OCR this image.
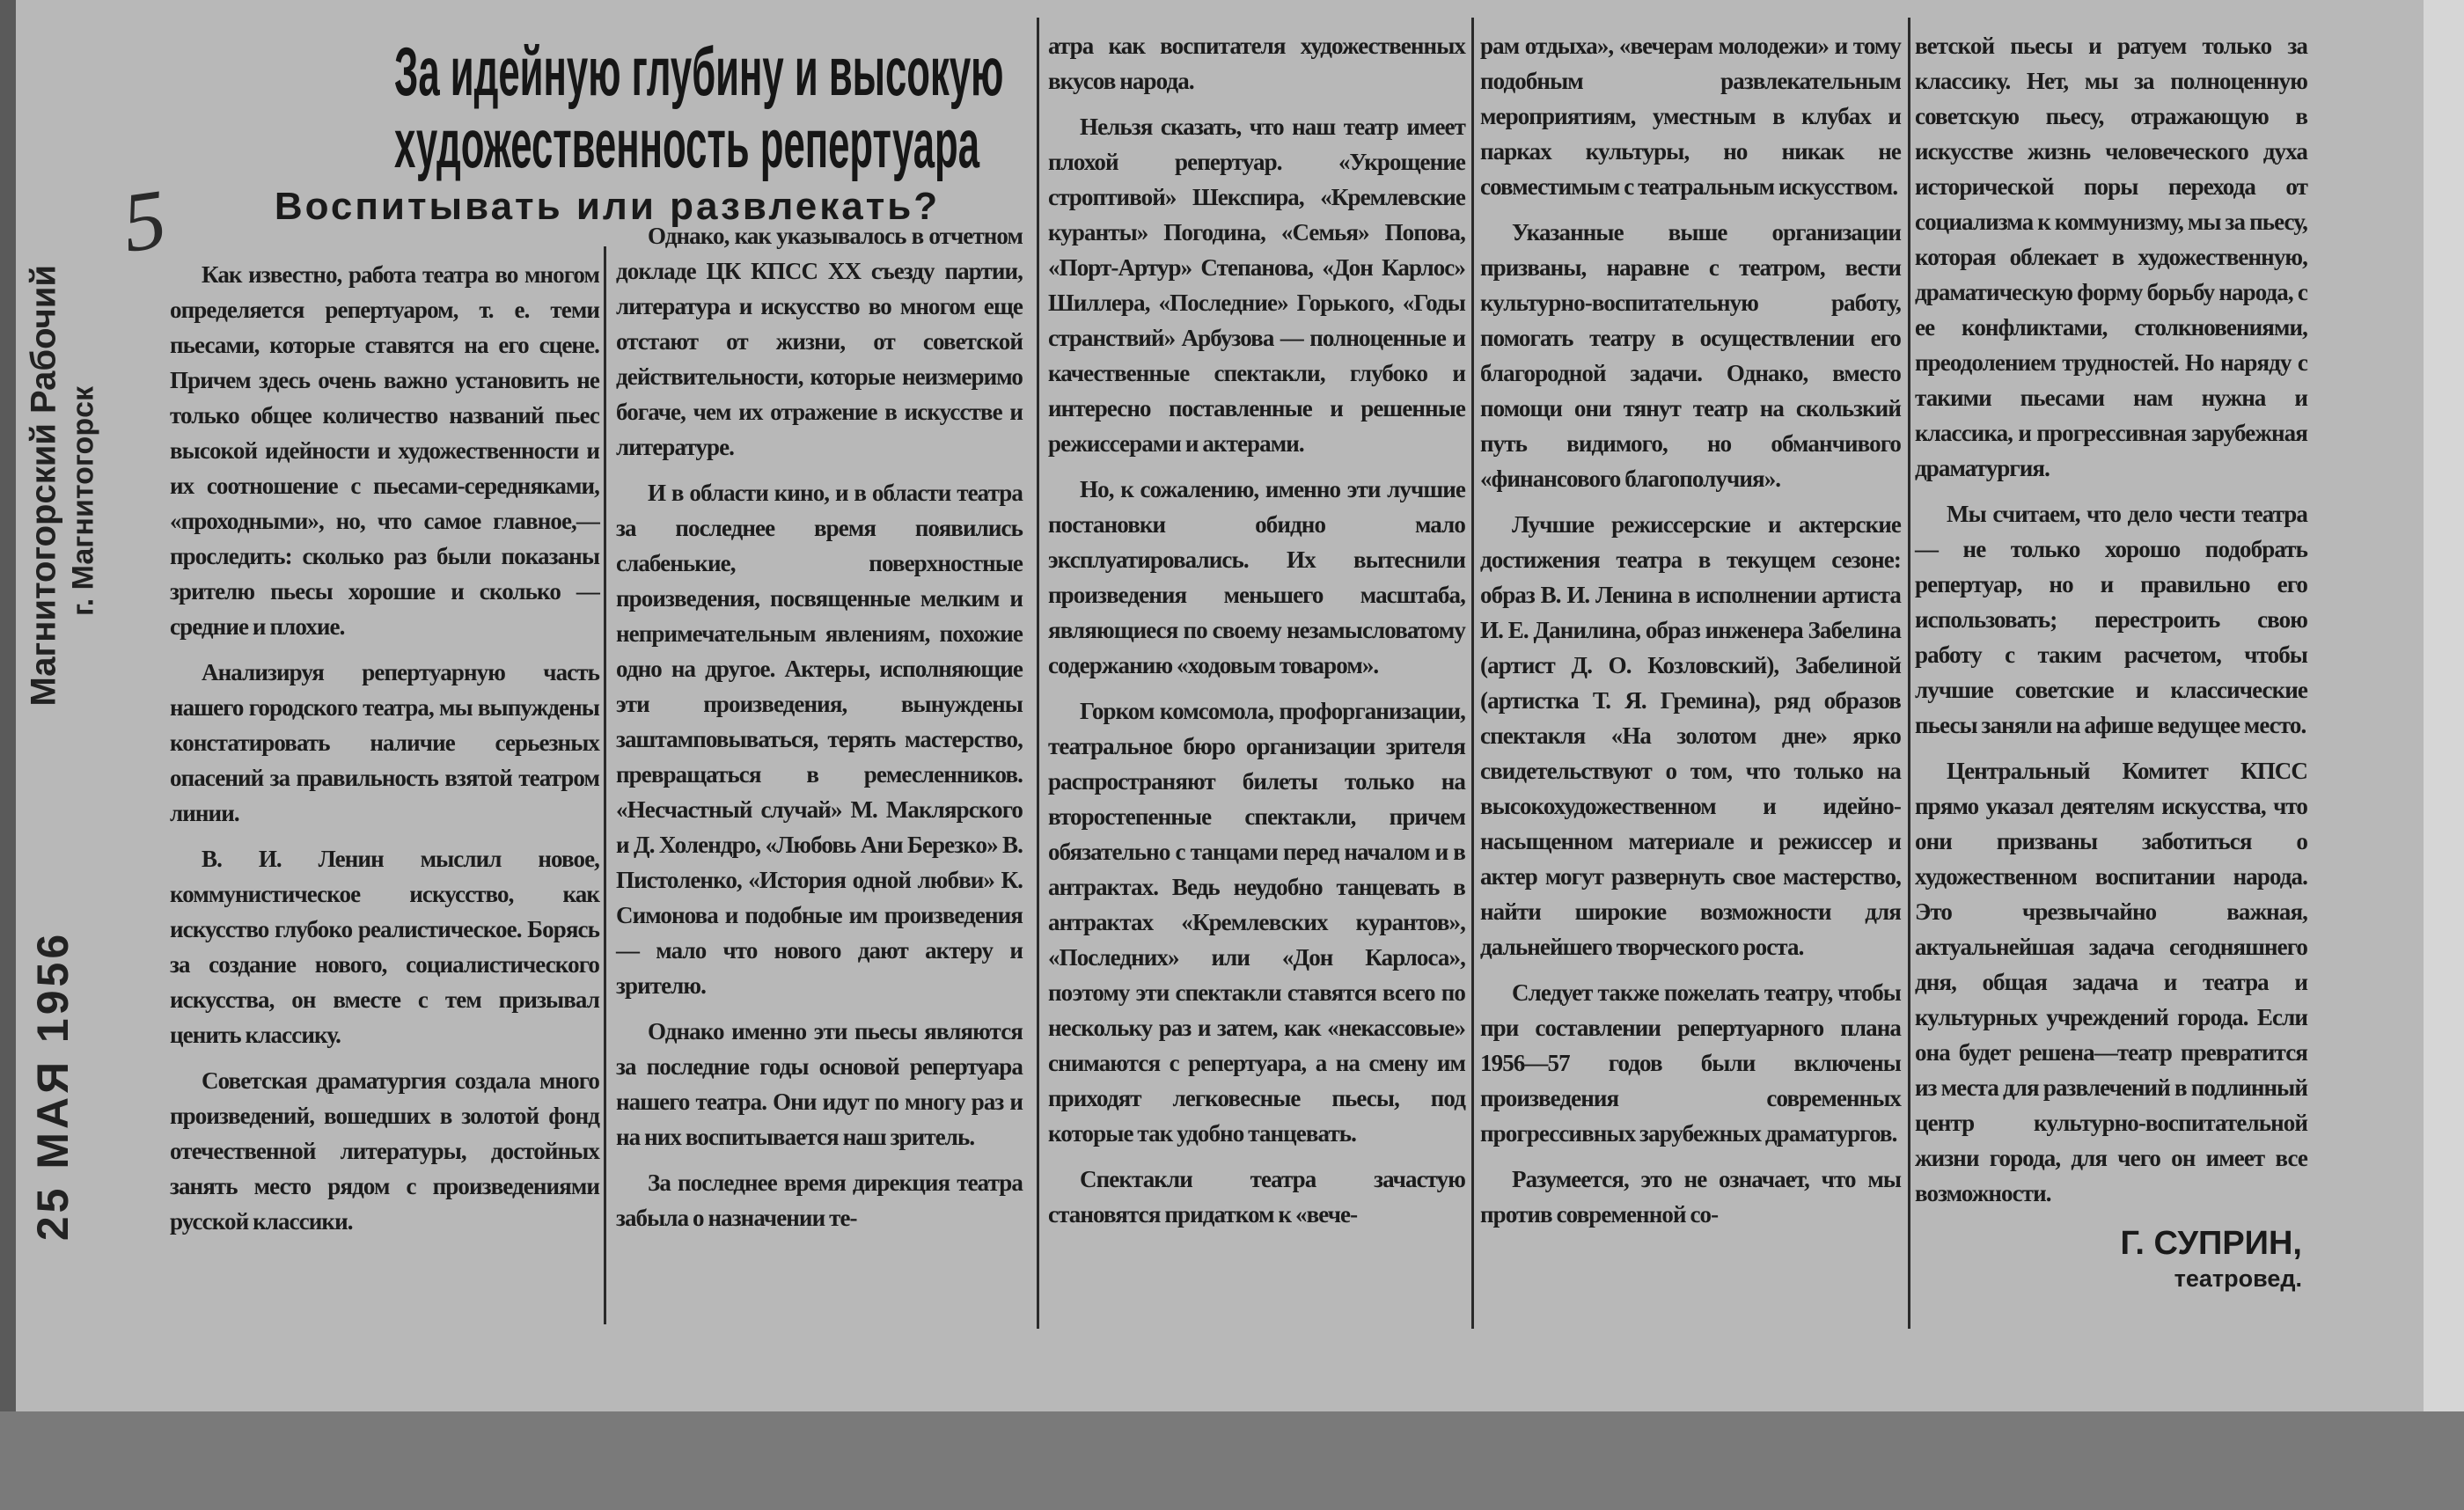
Магнитогорский Рабочий г. Магнитогорск
25 МАЯ 1956
5
За идейную глубину и высокую
художественность репертуара
Воспитывать или развлекать?

Как известно, работа театра во многом определяется репертуаром, т. е. теми пьесами, которые ставятся на его сцене. Причем здесь очень важно установить не только общее количество названий пьес высокой идейности и художественности и их соотношение с пьесами-середняками, «проходными», но, что самое главное,—проследить: сколько раз были показаны зрителю пьесы хорошие и сколько — средние и плохие.

Анализируя репертуарную часть нашего городского театра, мы выпуждены констатировать наличие серьезных опасений за правильность взятой театром линии.

В. И. Ленин мыслил новое, коммунистическое искусство, как искусство глубоко реалистическое. Борясь за создание нового, социалистического искусства, он вместе с тем призывал ценить классику.

Советская драматургия создала много произведений, вошедших в золотой фонд отечественной литературы, достойных занять место рядом с произведениями русской классики.

Однако, как указывалось в отчетном докладе ЦК КПСС XX съезду партии, литература и искусство во многом еще отстают от жизни, от советской действительности, которые неизмеримо богаче, чем их отражение в искусстве и литературе.

И в области кино, и в области театра за последнее время появились слабенькие, поверхностные произведения, посвященные мелким и непримечательным явлениям, похожие одно на другое. Актеры, исполняющие эти произведения, вынуждены заштамповываться, терять мастерство, превращаться в ремесленников. «Несчастный случай» М. Маклярского и Д. Холендро, «Любовь Ани Березко» В. Пистоленко, «История одной любви» К. Симонова и подобные им произведения — мало что нового дают актеру и зрителю.

Однако именно эти пьесы являются за последние годы основой репертуара нашего театра. Они идут по многу раз и на них воспитывается наш зритель.

За последнее время дирекция театра забыла о назначении те-

атра как воспитателя художественных вкусов народа.

Нельзя сказать, что наш театр имеет плохой репертуар. «Укрощение строптивой» Шекспира, «Кремлевские куранты» Погодина, «Семья» Попова, «Порт-Артур» Степанова, «Дон Карлос» Шиллера, «Последние» Горького, «Годы странствий» Арбузова — полноценные и качественные спектакли, глубоко и интересно поставленные и решенные режиссерами и актерами.

Но, к сожалению, именно эти лучшие постановки обидно мало эксплуатировались. Их вытеснили произведения меньшего масштаба, являющиеся по своему незамысловатому содержанию «ходовым товаром».

Горком комсомола, профорганизации, театральное бюро организации зрителя распространяют билеты только на второстепенные спектакли, причем обязательно с танцами перед началом и в антрактах. Ведь неудобно танцевать в антрактах «Кремлевских курантов», «Последних» или «Дон Карлоса», поэтому эти спектакли ставятся всего по нескольку раз и затем, как «некассовые» снимаются с репертуара, а на смену им приходят легковесные пьесы, под которые так удобно танцевать.

Спектакли театра зачастую становятся придатком к «вече-

рам отдыха», «вечерам молодежи» и тому подобным развлекательным мероприятиям, уместным в клубах и парках культуры, но никак не совместимым с театральным искусством.

Указанные выше организации призваны, наравне с театром, вести культурно-воспитательную работу, помогать театру в осуществлении его благородной задачи. Однако, вместо помощи они тянут театр на скользкий путь видимого, но обманчивого «финансового благополучия».

Лучшие режиссерские и актерские достижения театра в текущем сезоне: образ В. И. Ленина в исполнении артиста И. Е. Данилина, образ инженера Забелина (артист Д. О. Козловский), Забелиной (артистка Т. Я. Гремина), ряд образов спектакля «На золотом дне» ярко свидетельствуют о том, что только на высокохудожественном и идейно-насыщенном материале и режиссер и актер могут развернуть свое мастерство, найти широкие возможности для дальнейшего творческого роста.

Следует также пожелать театру, чтобы при составлении репертуарного плана 1956—57 годов были включены произведения современных прогрессивных зарубежных драматургов.

Разумеется, это не означает, что мы против современной со-

ветской пьесы и ратуем только за классику. Нет, мы за полноценную советскую пьесу, отражающую в искусстве жизнь человеческого духа исторической поры перехода от социализма к коммунизму, мы за пьесу, которая облекает в художественную, драматическую форму борьбу народа, с ее конфликтами, столкновениями, преодолением трудностей. Но наряду с такими пьесами нам нужна и классика, и прогрессивная зарубежная драматургия.

Мы считаем, что дело чести театра — не только хорошо подобрать репертуар, но и правильно его использовать; перестроить свою работу с таким расчетом, чтобы лучшие советские и классические пьесы заняли на афише ведущее место.

Центральный Комитет КПСС прямо указал деятелям искусства, что они призваны заботиться о художественном воспитании народа. Это чрезвычайно важная, актуальнейшая задача сегодняшнего дня, общая задача и театра и культурных учреждений города. Если она будет решена—театр превратится из места для развлечений в подлинный центр культурно-воспитательной жизни города, для чего он имеет все возможности.

Г. СУПРИН,
театровед.
